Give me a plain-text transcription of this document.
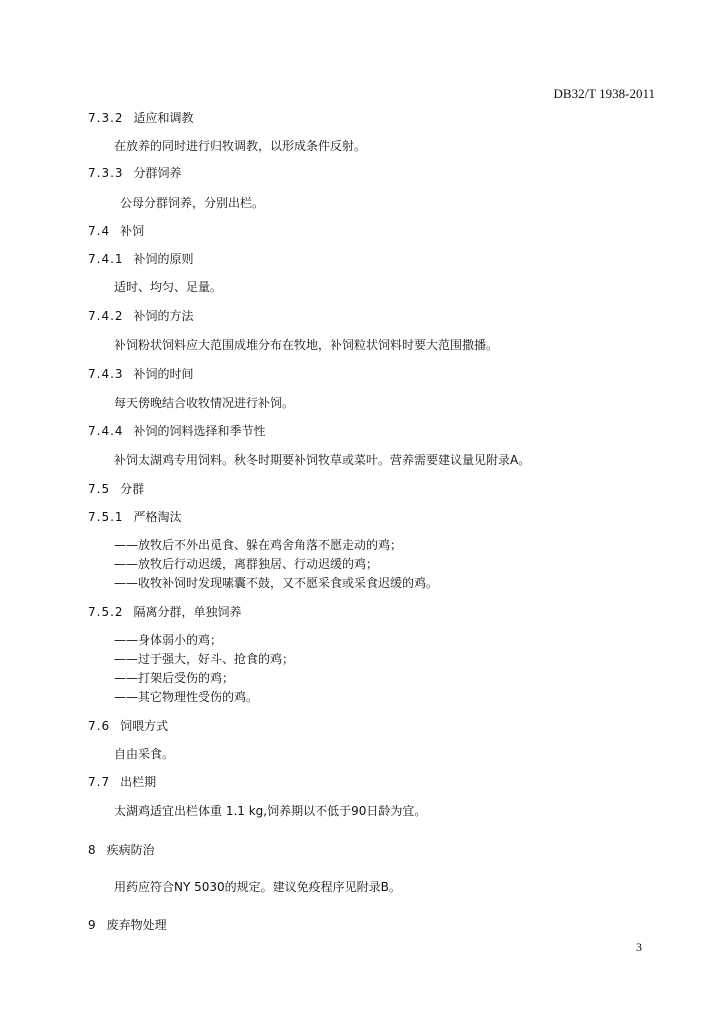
DB32/T 1938-2011
7.3.2 适应和调教
在放养的同时进行归牧调教，以形成条件反射。
7.3.3 分群饲养
公母分群饲养，分别出栏。
7.4 补饲
7.4.1 补饲的原则
适时、均匀、足量。
7.4.2 补饲的方法
补饲粉状饲料应大范围成堆分布在牧地，补饲粒状饲料时要大范围撒播。
7.4.3 补饲的时间
每天傍晚结合收牧情况进行补饲。
7.4.4 补饲的饲料选择和季节性
补饲太湖鸡专用饲料。秋冬时期要补饲牧草或菜叶。营养需要建议量见附录A。
7.5 分群
7.5.1 严格淘汰
——放牧后不外出觅食、躲在鸡舍角落不愿走动的鸡；
——放牧后行动迟缓，离群独居、行动迟缓的鸡；
——收牧补饲时发现嗉囊不鼓，又不愿采食或采食迟缓的鸡。
7.5.2 隔离分群，单独饲养
——身体弱小的鸡；
——过于强大，好斗、抢食的鸡；
——打架后受伤的鸡；
——其它物理性受伤的鸡。
7.6 饲喂方式
自由采食。
7.7 出栏期
太湖鸡适宜出栏体重 1.1 kg,饲养期以不低于90日龄为宜。
8 疾病防治
用药应符合NY 5030的规定。建议免疫程序见附录B。
9 废弃物处理
3
